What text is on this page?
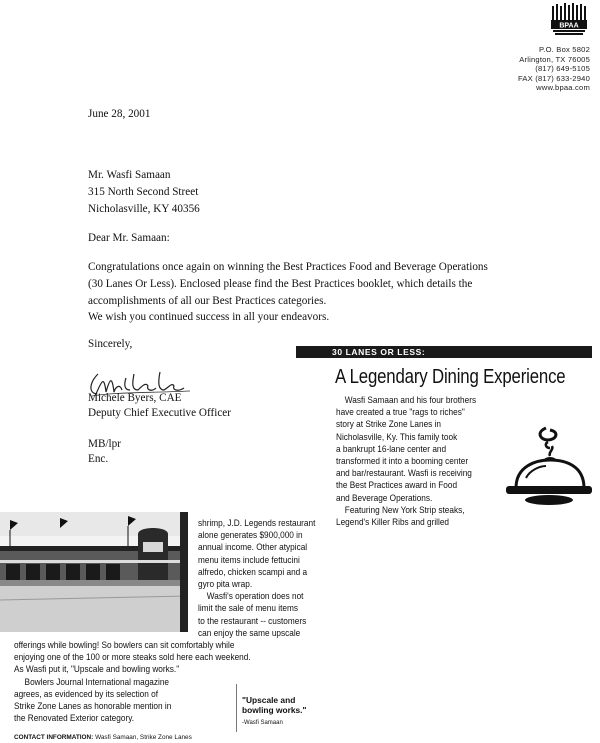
BPAA
P.O. Box 5802
Arlington, TX 76005
(817) 649-5105
FAX (817) 633-2940
www.bpaa.com
June 28, 2001
Mr. Wasfi Samaan
315 North Second Street
Nicholasville, KY 40356
Dear Mr. Samaan:
Congratulations once again on winning the Best Practices Food and Beverage Operations
(30 Lanes Or Less). Enclosed please find the Best Practices booklet, which details the
accomplishments of all our Best Practices categories.
We wish you continued success in all your endeavors.
Sincerely,
Michele Byers, CAE
Deputy Chief Executive Officer
MB/lpr
Enc.
30 LANES OR LESS:
A Legendary Dining Experience
Wasfi Samaan and his four brothers
have created a true "rags to riches"
story at Strike Zone Lanes in
Nicholasville, Ky. This family took
a bankrupt 16-lane center and
transformed it into a booming center
and bar/restaurant. Wasfi is receiving
the Best Practices award in Food
and Beverage Operations.
Featuring New York Strip steaks,
Legend's Killer Ribs and grilled
shrimp, J.D. Legends restaurant
alone generates $900,000 in
annual income. Other atypical
menu items include fettucini
alfredo, chicken scampi and a
gyro pita wrap.
Wasfi's operation does not
limit the sale of menu items
to the restaurant -- customers
can enjoy the same upscale
offerings while bowling! So bowlers can sit comfortably while
enjoying one of the 100 or more steaks sold here each weekend.
As Wasfi put it, "Upscale and bowling works."
Bowlers Journal International magazine
agrees, as evidenced by its selection of
Strike Zone Lanes as honorable mention in
the Renovated Exterior category.
"Upscale and
bowling works."
-Wasfi Samaan
CONTACT INFORMATION: Wasfi Samaan, Strike Zone Lanes
